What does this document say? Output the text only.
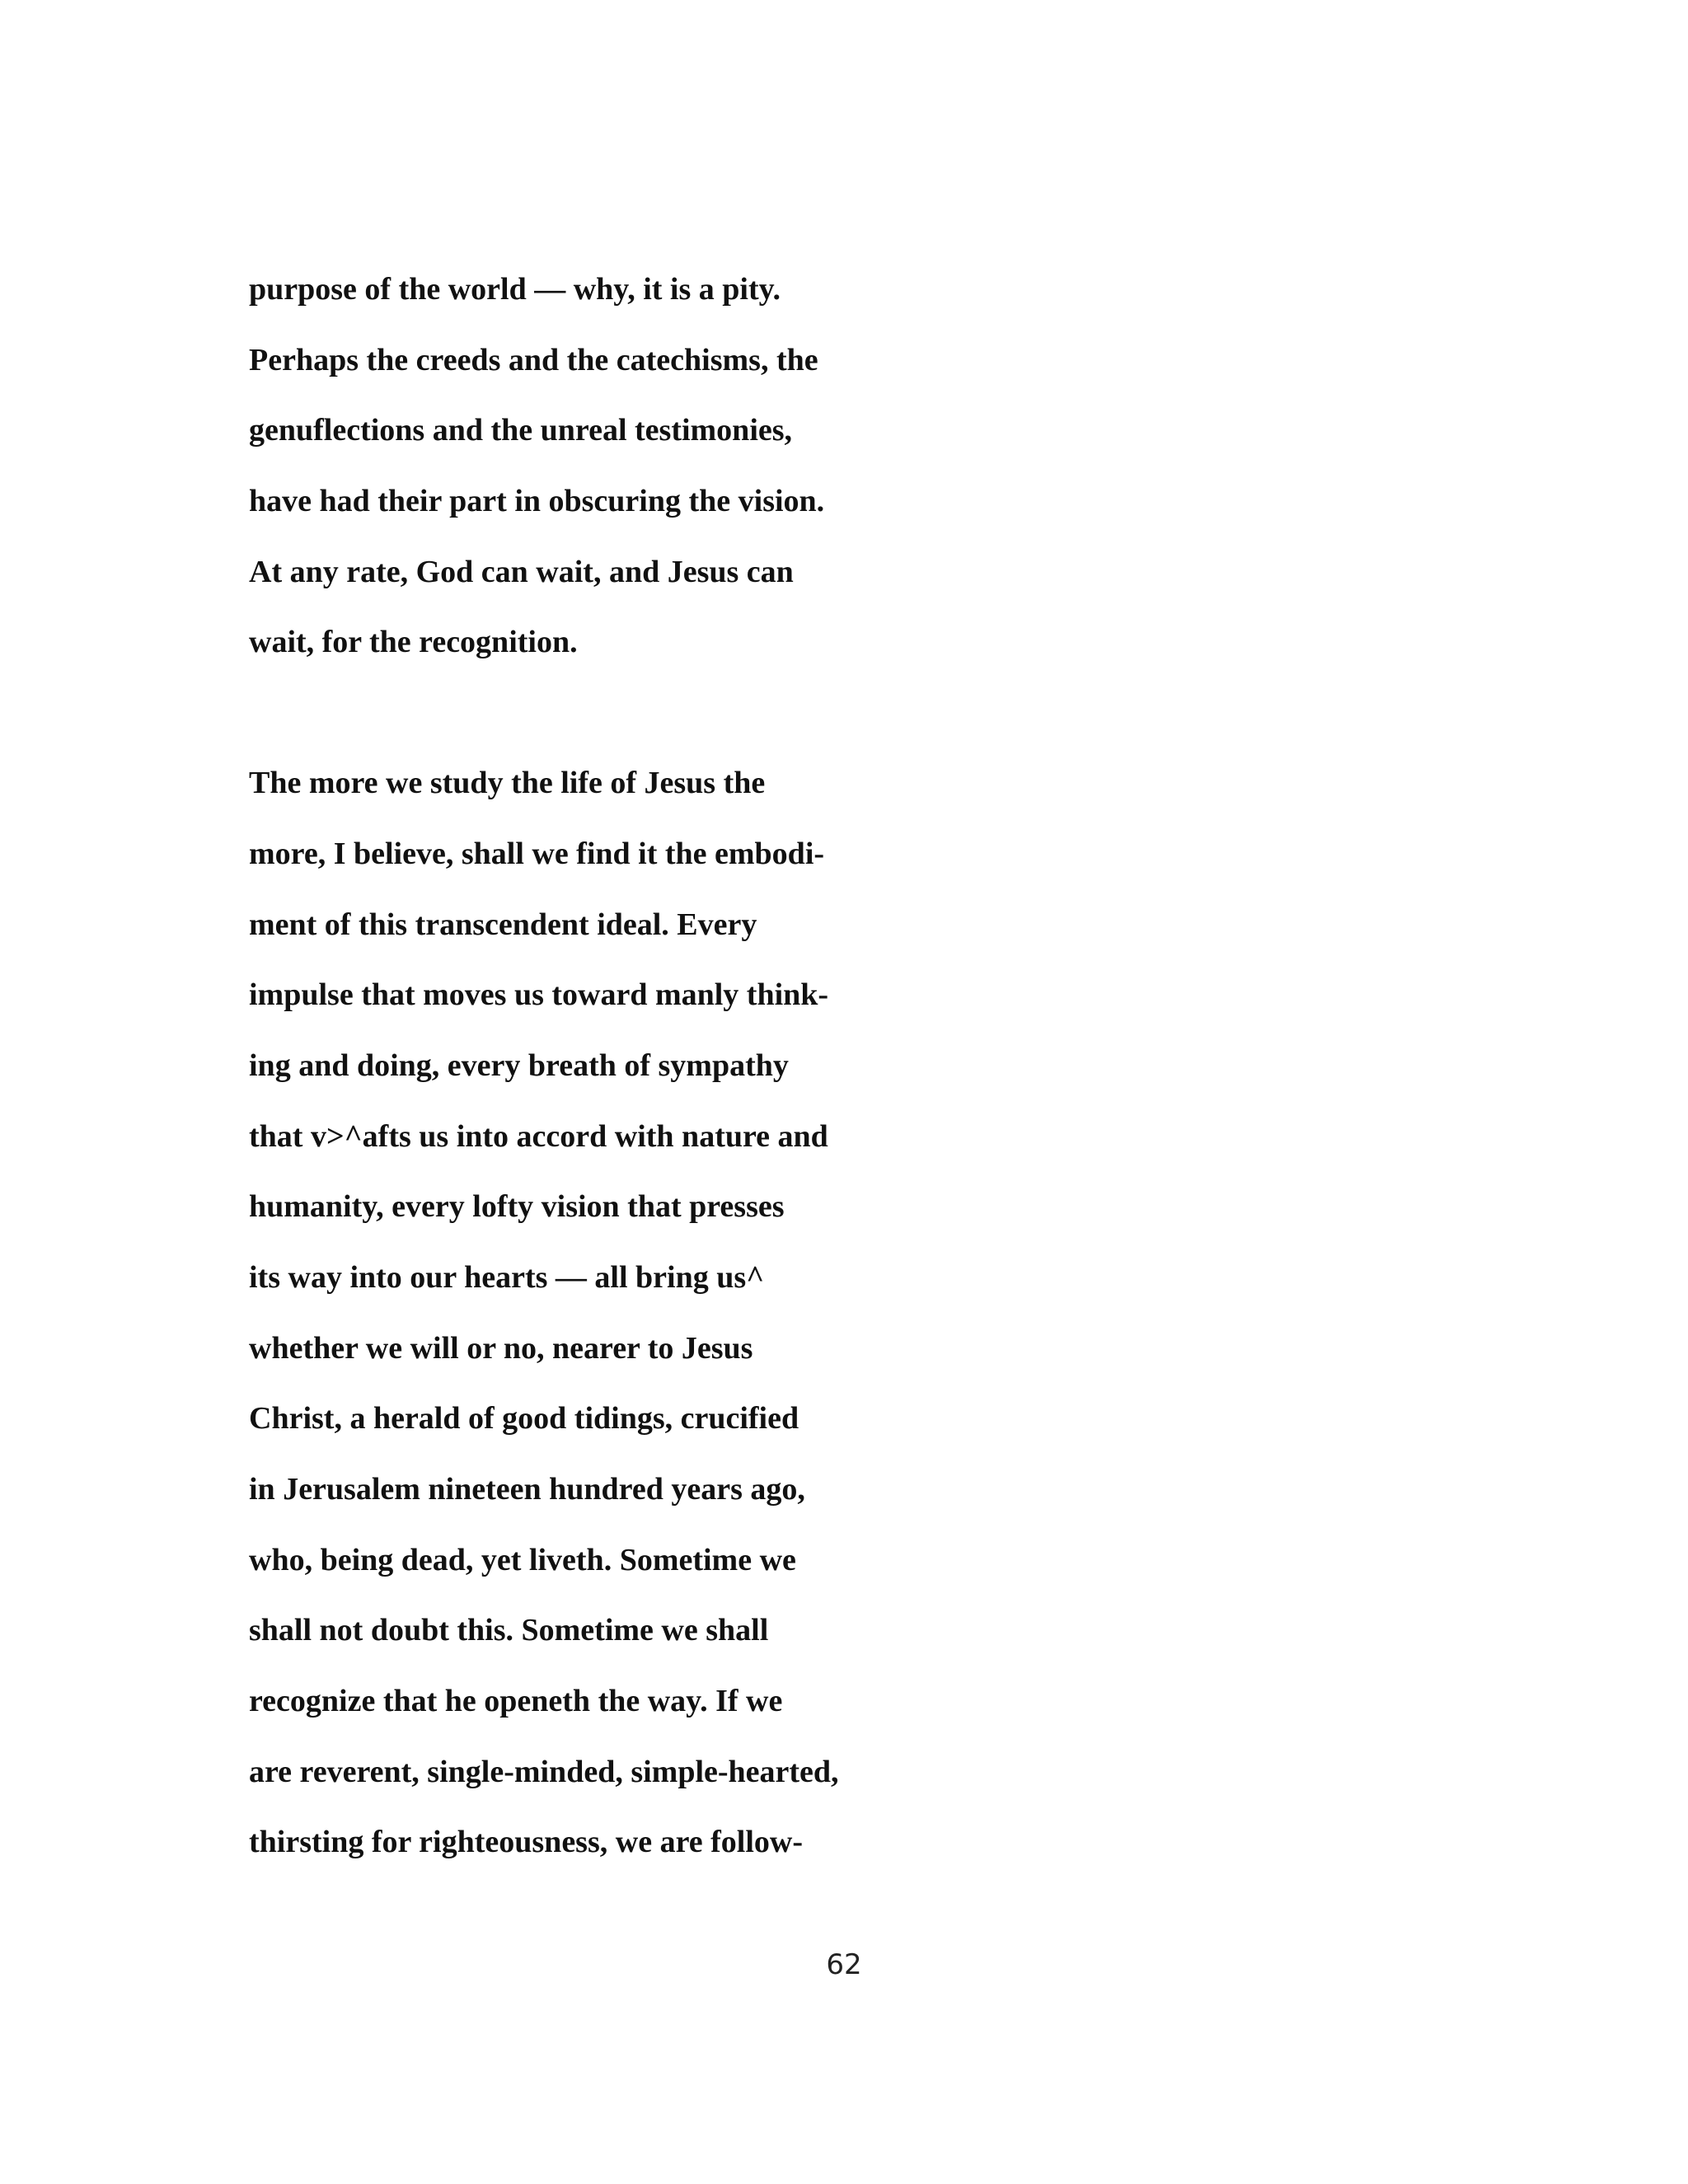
purpose of the world — why, it is a pity.
Perhaps the creeds and the catechisms, the
genuflections and the unreal testimonies,
have had their part in obscuring the vision.
At any rate, God can wait, and Jesus can
wait, for the recognition.
The more we study the life of Jesus the
more, I believe, shall we find it the embodi-
ment of this transcendent ideal. Every
impulse that moves us toward manly think-
ing and doing, every breath of sympathy
that v>^afts us into accord with nature and
humanity, every lofty vision that presses
its way into our hearts — all bring us^
whether we will or no, nearer to Jesus
Christ, a herald of good tidings, crucified
in Jerusalem nineteen hundred years ago,
who, being dead, yet liveth. Sometime we
shall not doubt this. Sometime we shall
recognize that he openeth the way. If we
are reverent, single-minded, simple-hearted,
thirsting for righteousness, we are follow-
62
